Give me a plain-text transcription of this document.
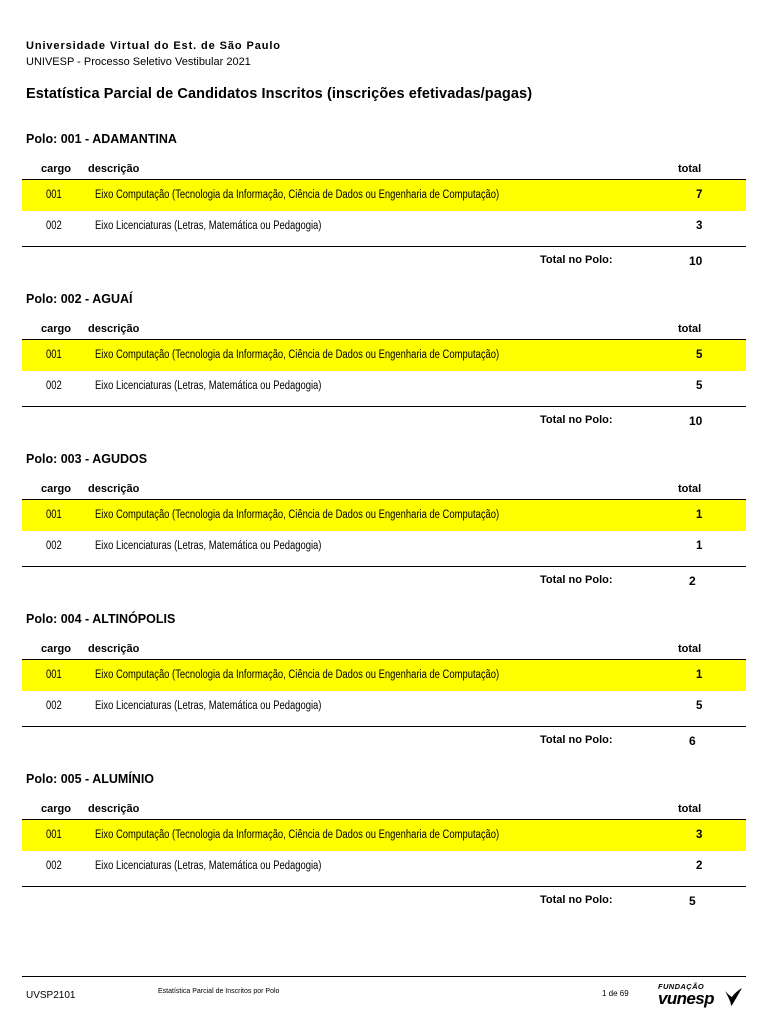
Universidade Virtual do Est. de São Paulo
UNIVESP - Processo Seletivo Vestibular 2021
Estatística Parcial de Candidatos Inscritos (inscrições efetivadas/pagas)
Polo: 001 - ADAMANTINA
cargo descrição	total
001	Eixo Computação (Tecnologia da Informação, Ciência de Dados ou Engenharia de Computação)	7
002	Eixo Licenciaturas (Letras, Matemática ou Pedagogia)	3
Total no Polo:	10
Polo: 002 - AGUAÍ
cargo descrição	total
001	Eixo Computação (Tecnologia da Informação, Ciência de Dados ou Engenharia de Computação)	5
002	Eixo Licenciaturas (Letras, Matemática ou Pedagogia)	5
Total no Polo:	10
Polo: 003 - AGUDOS
cargo descrição	total
001	Eixo Computação (Tecnologia da Informação, Ciência de Dados ou Engenharia de Computação)	1
002	Eixo Licenciaturas (Letras, Matemática ou Pedagogia)	1
Total no Polo:	2
Polo: 004 - ALTINÓPOLIS
cargo descrição	total
001	Eixo Computação (Tecnologia da Informação, Ciência de Dados ou Engenharia de Computação)	1
002	Eixo Licenciaturas (Letras, Matemática ou Pedagogia)	5
Total no Polo:	6
Polo: 005 - ALUMÍNIO
cargo descrição	total
001	Eixo Computação (Tecnologia da Informação, Ciência de Dados ou Engenharia de Computação)	3
002	Eixo Licenciaturas (Letras, Matemática ou Pedagogia)	2
Total no Polo:	5
UVSP2101	Estatística Parcial de Inscritos por Polo	1 de 69
FUNDAÇÃO
vunesp
